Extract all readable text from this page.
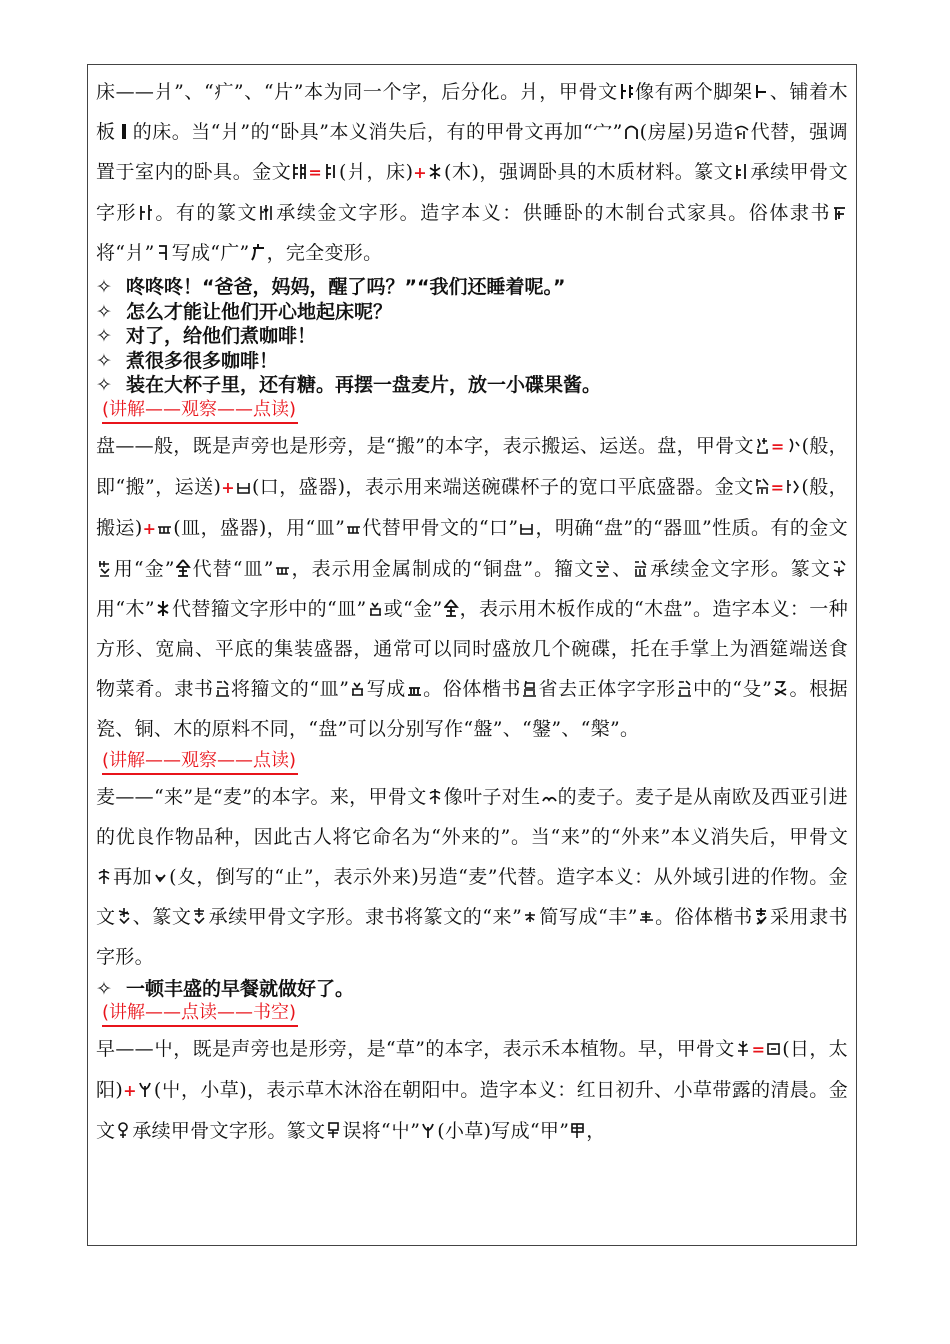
床——爿”、“疒”、“片”本为同一个字，后分化。爿，甲骨文 像有两个脚架 、铺着木板 的床。当“爿”的“卧具”本义消失后，有的甲骨文再加“宀” (房屋)另造 代替，强调置于室内的卧具。金文 = (爿，床)+ (木)，强调卧具的木质材料。篆文 承续甲骨文字形 。有的篆文 承续金文字形。造字本义：供睡卧的木制台式家具。俗体隶书将“爿” 写成“广” ，完全变形。

✧ 咚咚咚！“爸爸，妈妈，醒了吗？”“我们还睡着呢。”

✧ 怎么才能让他们开心地起床呢？

✧ 对了，给他们煮咖啡！

✧ 煮很多很多咖啡！

✧ 装在大杯子里，还有糖。再摆一盘麦片，放一小碟果酱。

(讲解——观察——点读)

盘——般，既是声旁也是形旁，是“搬”的本字，表示搬运、运送。盘，甲骨文 = (般，即“搬”，运送)+ (口，盛器)，表示用来端送碗碟杯子的宽口平底盛器。金文 = (般，搬运)+ (皿，盛器)，用“皿” 代替甲骨文的“口” ，明确“盘”的“器皿”性质。有的金文用“金” 代替“皿” ，表示用金属制成的“铜盘”。籀文 、 承续金文字形。篆文用“木” 代替籀文字形中的“皿” 或“金” ，表示用木板作成的“木盘”。造字本义：一种方形、宽扁、平底的集装盛器，通常可以同时盛放几个碗碟，托在手掌上为酒筵端送食物菜肴。隶书 将籀文的“皿” 写成 。俗体楷书 省去正体字字形 中的“殳” 。根据瓷、铜、木的原料不同，“盘”可以分别写作“盤”、“鎜”、“槃”。

(讲解——观察——点读)

麦——“来”是“麦”的本字。来，甲骨文 像叶子对生 的麦子。麦子是从南欧及西亚引进的优良作物品种，因此古人将它命名为“外来的”。当“来”的“外来”本义消失后，甲骨文再加 (夊，倒写的“止”，表示外来)另造“麦”代替。造字本义：从外域引进的作物。金文 、篆文 承续甲骨文字形。隶书将篆文的“来” 简写成“丰” 。俗体楷书 采用隶书字形。

✧ 一顿丰盛的早餐就做好了。

(讲解——点读——书空)

早——屮，既是声旁也是形旁，是“草”的本字，表示禾本植物。早，甲骨文 = (日，太阳)+ (屮，小草)，表示草木沐浴在朝阳中。造字本义：红日初升、小草带露的清晨。金文 承续甲骨文字形。篆文 误将“屮” (小草)写成“甲” ，
